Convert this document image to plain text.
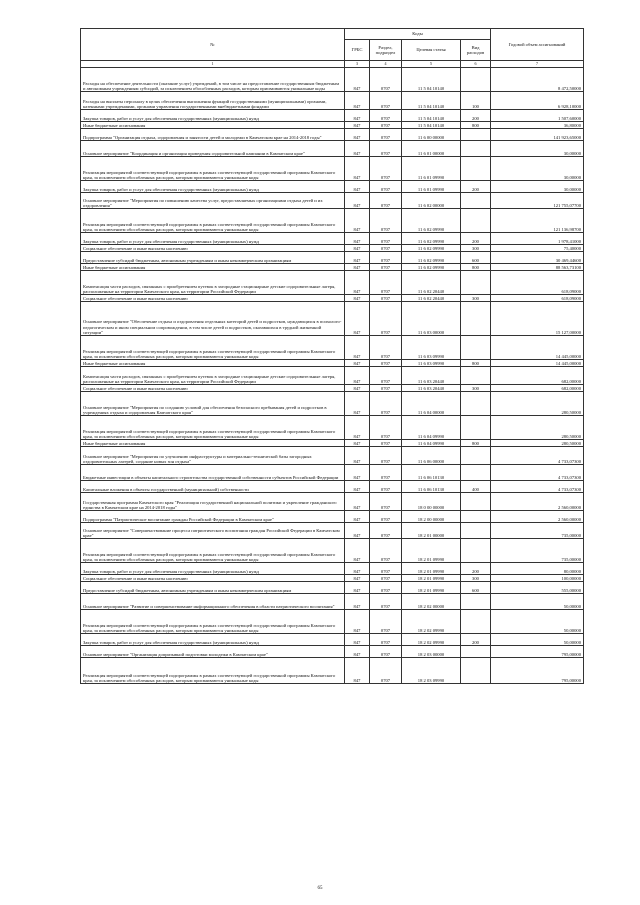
№	Коды				Годовой объем ассигнований
	ГРБС	Раздел, подраздел	Целевая статья	Вид расходов	
1	3	4	5	6	7
Расходы на обеспечение деятельности (оказание услуг) учреждений, в том числе на предоставление государственным бюджетным и автономным учреждениям субсидий, за исключением обособленных расходов, которым присваиваются уникальные коды	847	0707	11 5 04 10140		8 472,50000
Расходы на выплаты персоналу в целях обеспечения выполнения функций государственными (муниципальными) органами, казенными учреждениями, органами управления государственными внебюджетными фондами	847	0707	11 5 04 10140	100	6 928,10000
Закупка товаров, работ и услуг для обеспечения государственных (муниципальных) нужд	847	0707	11 5 04 10140	200	1 507,60000
Иные бюджетные ассигнования	847	0707	11 5 04 10140	800	36,80000
Подпрограмма "Организация отдыха, оздоровления и занятости детей и молодежи в Камчатском крае на 2014-2018 годы"	847	0707	11 6 00 00000		141 923,65000
Основное мероприятие "Координация и организация проведения оздоровительной кампании в Камчатском крае"	847	0707	11 6 01 00000		30,00000
Реализация мероприятий соответствующей подпрограммы в рамках соответствующей государственной программы Камчатского края, за исключением обособленных расходов, которым присваиваются уникальные коды	847	0707	11 6 01 09990		30,00000
Закупка товаров, работ и услуг для обеспечения государственных (муниципальных) нужд	847	0707	11 6 01 09990	200	30,00000
Основное мероприятие "Мероприятия по повышению качества услуг, предоставляемых организациями отдыха детей и их оздоровления"	847	0707	11 6 02 00000		121 755,07700
Реализация мероприятий соответствующей подпрограммы в рамках соответствующей государственной программы Камчатского края, за исключением обособленных расходов, которым присваиваются уникальные коды	847	0707	11 6 02 09990		121 136,98700
Закупка товаров, работ и услуг для обеспечения государственных (муниципальных) нужд	847	0707	11 6 02 09990	200	1 978,41000
Социальное обеспечение и иные выплаты населению	847	0707	11 6 02 09990	300	75,40000
Предоставление субсидий бюджетным, автономным учреждениям и иным некоммерческим организациям	847	0707	11 6 02 09990	600	30 469,44600
Иные бюджетные ассигнования	847	0707	11 6 02 09990	800	88 563,73100
Компенсация части расходов, связанных с приобретением путевок в загородные стационарные детские оздоровительные лагеря, расположенные на территории Камчатского края, на территории Российской Федерации	847	0707	11 6 02 20440		618,09000
Социальное обеспечение и иные выплаты населению	847	0707	11 6 02 20440	300	618,09000
Основное мероприятие "Обеспечение отдыха и оздоровления отдельных категорий детей и подростков, нуждающихся в психолого-педагогическом и ином специальном сопровождении, в том числе детей и подростков, оказавшихся в трудной жизненной ситуации"	847	0707	11 6 03 00000		15 127,00000
Реализация мероприятий соответствующей подпрограммы в рамках соответствующей государственной программы Камчатского края, за исключением обособленных расходов, которым присваиваются уникальные коды	847	0707	11 6 03 09990		14 445,00000
Иные бюджетные ассигнования	847	0707	11 6 03 09990	800	14 445,00000
Компенсация части расходов, связанных с приобретением путевок в загородные стационарные детские оздоровительные лагеря, расположенные на территории Камчатского края, на территории Российской Федерации	847	0707	11 6 03 20440		682,00000
Социальное обеспечение и иные выплаты населению	847	0707	11 6 03 20440	300	682,00000
Основное мероприятие "Мероприятия по созданию условий для обеспечения безопасного пребывания детей и подростков в учреждениях отдыха и оздоровления Камчатского края"	847	0707	11 6 04 00000		280,50000
Реализация мероприятий соответствующей подпрограммы в рамках соответствующей государственной программы Камчатского края, за исключением обособленных расходов, которым присваиваются уникальные коды	847	0707	11 6 04 09990		280,50000
Иные бюджетные ассигнования	847	0707	11 6 04 09990	800	280,50000
Основное мероприятие "Мероприятия по улучшению инфраструктуры и материально-технической базы загородных оздоровительных лагерей, создание новых зон отдыха"	847	0707	11 6 06 00000		4 733,07300
Бюджетные инвестиции в объекты капитального строительства государственной собственности субъектов Российской Федерации	847	0707	11 6 06 10130		4 733,07300
Капитальные вложения в объекты государственной (муниципальной) собственности	847	0707	11 6 06 10130	400	4 733,07300
Государственная программа Камчатского края "Реализация государственной национальной политики и укрепление гражданского единства в Камчатском крае на 2014-2018 годы"	847	0707	18 0 00 00000		2 560,00000
Подпрограмма "Патриотическое воспитание граждан Российской Федерации в Камчатском крае"	847	0707	18 2 00 00000		2 560,00000
Основное мероприятие "Совершенствование процесса патриотического воспитания граждан Российской Федерации в Камчатском крае"	847	0707	18 2 01 00000		735,00000
Реализация мероприятий соответствующей подпрограммы в рамках соответствующей государственной программы Камчатского края, за исключением обособленных расходов, которым присваиваются уникальные коды	847	0707	18 2 01 09990		735,00000
Закупка товаров, работ и услуг для обеспечения государственных (муниципальных) нужд	847	0707	18 2 01 09990	200	80,00000
Социальное обеспечение и иные выплаты населению	847	0707	18 2 01 09990	300	100,00000
Предоставление субсидий бюджетным, автономным учреждениям и иным некоммерческим организациям	847	0707	18 2 01 09990	600	555,00000
Основное мероприятие "Развитие и совершенствование информационного обеспечения в области патриотического воспитания"	847	0707	18 2 02 00000		50,00000
Реализация мероприятий соответствующей подпрограммы в рамках соответствующей государственной программы Камчатского края, за исключением обособленных расходов, которым присваиваются уникальные коды	847	0707	18 2 02 09990		50,00000
Закупка товаров, работ и услуг для обеспечения государственных (муниципальных) нужд	847	0707	18 2 02 09990	200	50,00000
Основное мероприятие "Организация допризывной подготовки молодежи в Камчатском крае"	847	0707	18 2 03 00000		795,00000
Реализация мероприятий соответствующей подпрограммы в рамках соответствующей государственной программы Камчатского края, за исключением обособленных расходов, которым присваиваются уникальные коды	847	0707	18 2 03 09990		795,00000
65
